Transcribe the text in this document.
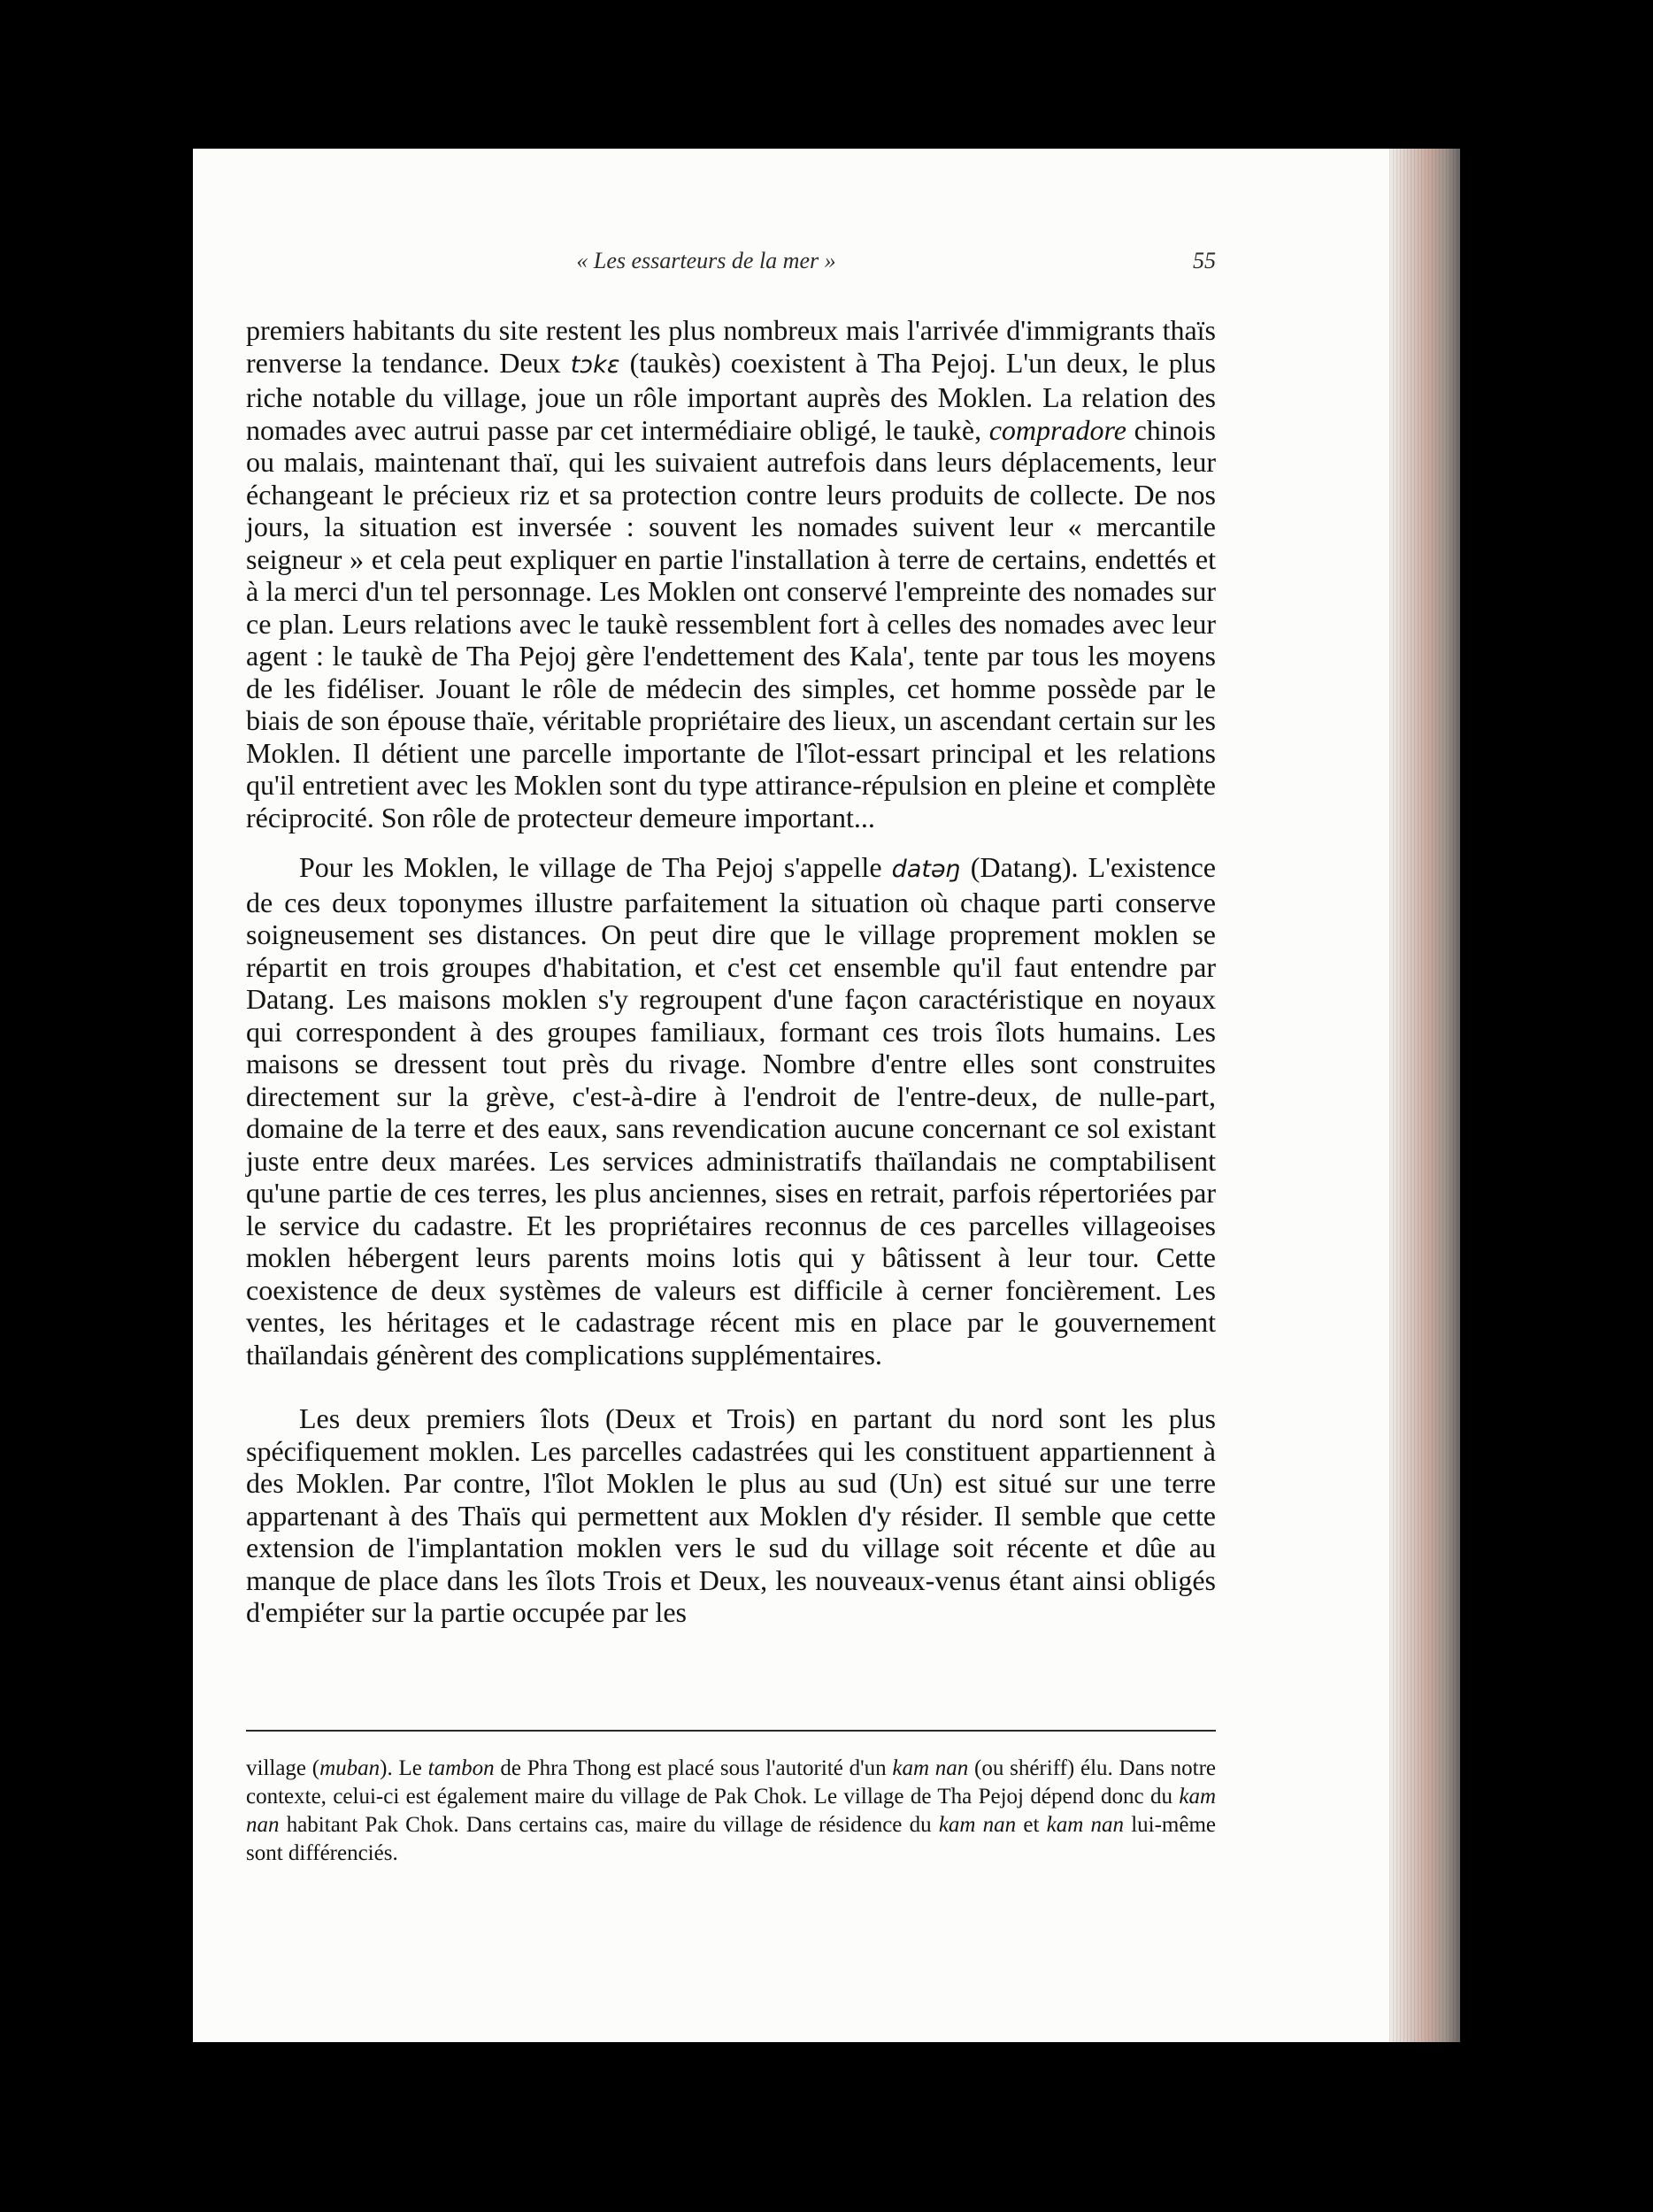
« Les essarteurs de la mer »	55

premiers habitants du site restent les plus nombreux mais l'arrivée d'immigrants thaïs renverse la tendance. Deux tɔkɛ (taukès) coexistent à Tha Pejoj. L'un deux, le plus riche notable du village, joue un rôle important auprès des Moklen. La relation des nomades avec autrui passe par cet intermédiaire obligé, le taukè, compradore chinois ou malais, maintenant thaï, qui les suivaient autrefois dans leurs déplacements, leur échangeant le précieux riz et sa protection contre leurs produits de collecte. De nos jours, la situation est inversée : souvent les nomades suivent leur « mercantile seigneur » et cela peut expliquer en partie l'installation à terre de certains, endettés et à la merci d'un tel personnage. Les Moklen ont conservé l'empreinte des nomades sur ce plan. Leurs relations avec le taukè ressemblent fort à celles des nomades avec leur agent : le taukè de Tha Pejoj gère l'endettement des Kala', tente par tous les moyens de les fidéliser. Jouant le rôle de médecin des simples, cet homme possède par le biais de son épouse thaïe, véritable propriétaire des lieux, un ascendant certain sur les Moklen. Il détient une parcelle importante de l'îlot-essart principal et les relations qu'il entretient avec les Moklen sont du type attirance-répulsion en pleine et complète réciprocité. Son rôle de protecteur demeure important...

Pour les Moklen, le village de Tha Pejoj s'appelle datəŋ (Datang). L'existence de ces deux toponymes illustre parfaitement la situation où chaque parti conserve soigneusement ses distances. On peut dire que le village proprement moklen se répartit en trois groupes d'habitation, et c'est cet ensemble qu'il faut entendre par Datang. Les maisons moklen s'y regroupent d'une façon caractéristique en noyaux qui correspondent à des groupes familiaux, formant ces trois îlots humains. Les maisons se dressent tout près du rivage. Nombre d'entre elles sont construites directement sur la grève, c'est-à-dire à l'endroit de l'entre-deux, de nulle-part, domaine de la terre et des eaux, sans revendication aucune concernant ce sol existant juste entre deux marées. Les services administratifs thaïlandais ne comptabilisent qu'une partie de ces terres, les plus anciennes, sises en retrait, parfois répertoriées par le service du cadastre. Et les propriétaires reconnus de ces parcelles villageoises moklen hébergent leurs parents moins lotis qui y bâtissent à leur tour. Cette coexistence de deux systèmes de valeurs est difficile à cerner foncièrement. Les ventes, les héritages et le cadastrage récent mis en place par le gouvernement thaïlandais génèrent des complications supplémentaires.

Les deux premiers îlots (Deux et Trois) en partant du nord sont les plus spécifiquement moklen. Les parcelles cadastrées qui les constituent appartiennent à des Moklen. Par contre, l'îlot Moklen le plus au sud (Un) est situé sur une terre appartenant à des Thaïs qui permettent aux Moklen d'y résider. Il semble que cette extension de l'implantation moklen vers le sud du village soit récente et dûe au manque de place dans les îlots Trois et Deux, les nouveaux-venus étant ainsi obligés d'empiéter sur la partie occupée par les

village (muban). Le tambon de Phra Thong est placé sous l'autorité d'un kam nan (ou shériff) élu. Dans notre contexte, celui-ci est également maire du village de Pak Chok. Le village de Tha Pejoj dépend donc du kam nan habitant Pak Chok. Dans certains cas, maire du village de résidence du kam nan et kam nan lui-même sont différenciés.
